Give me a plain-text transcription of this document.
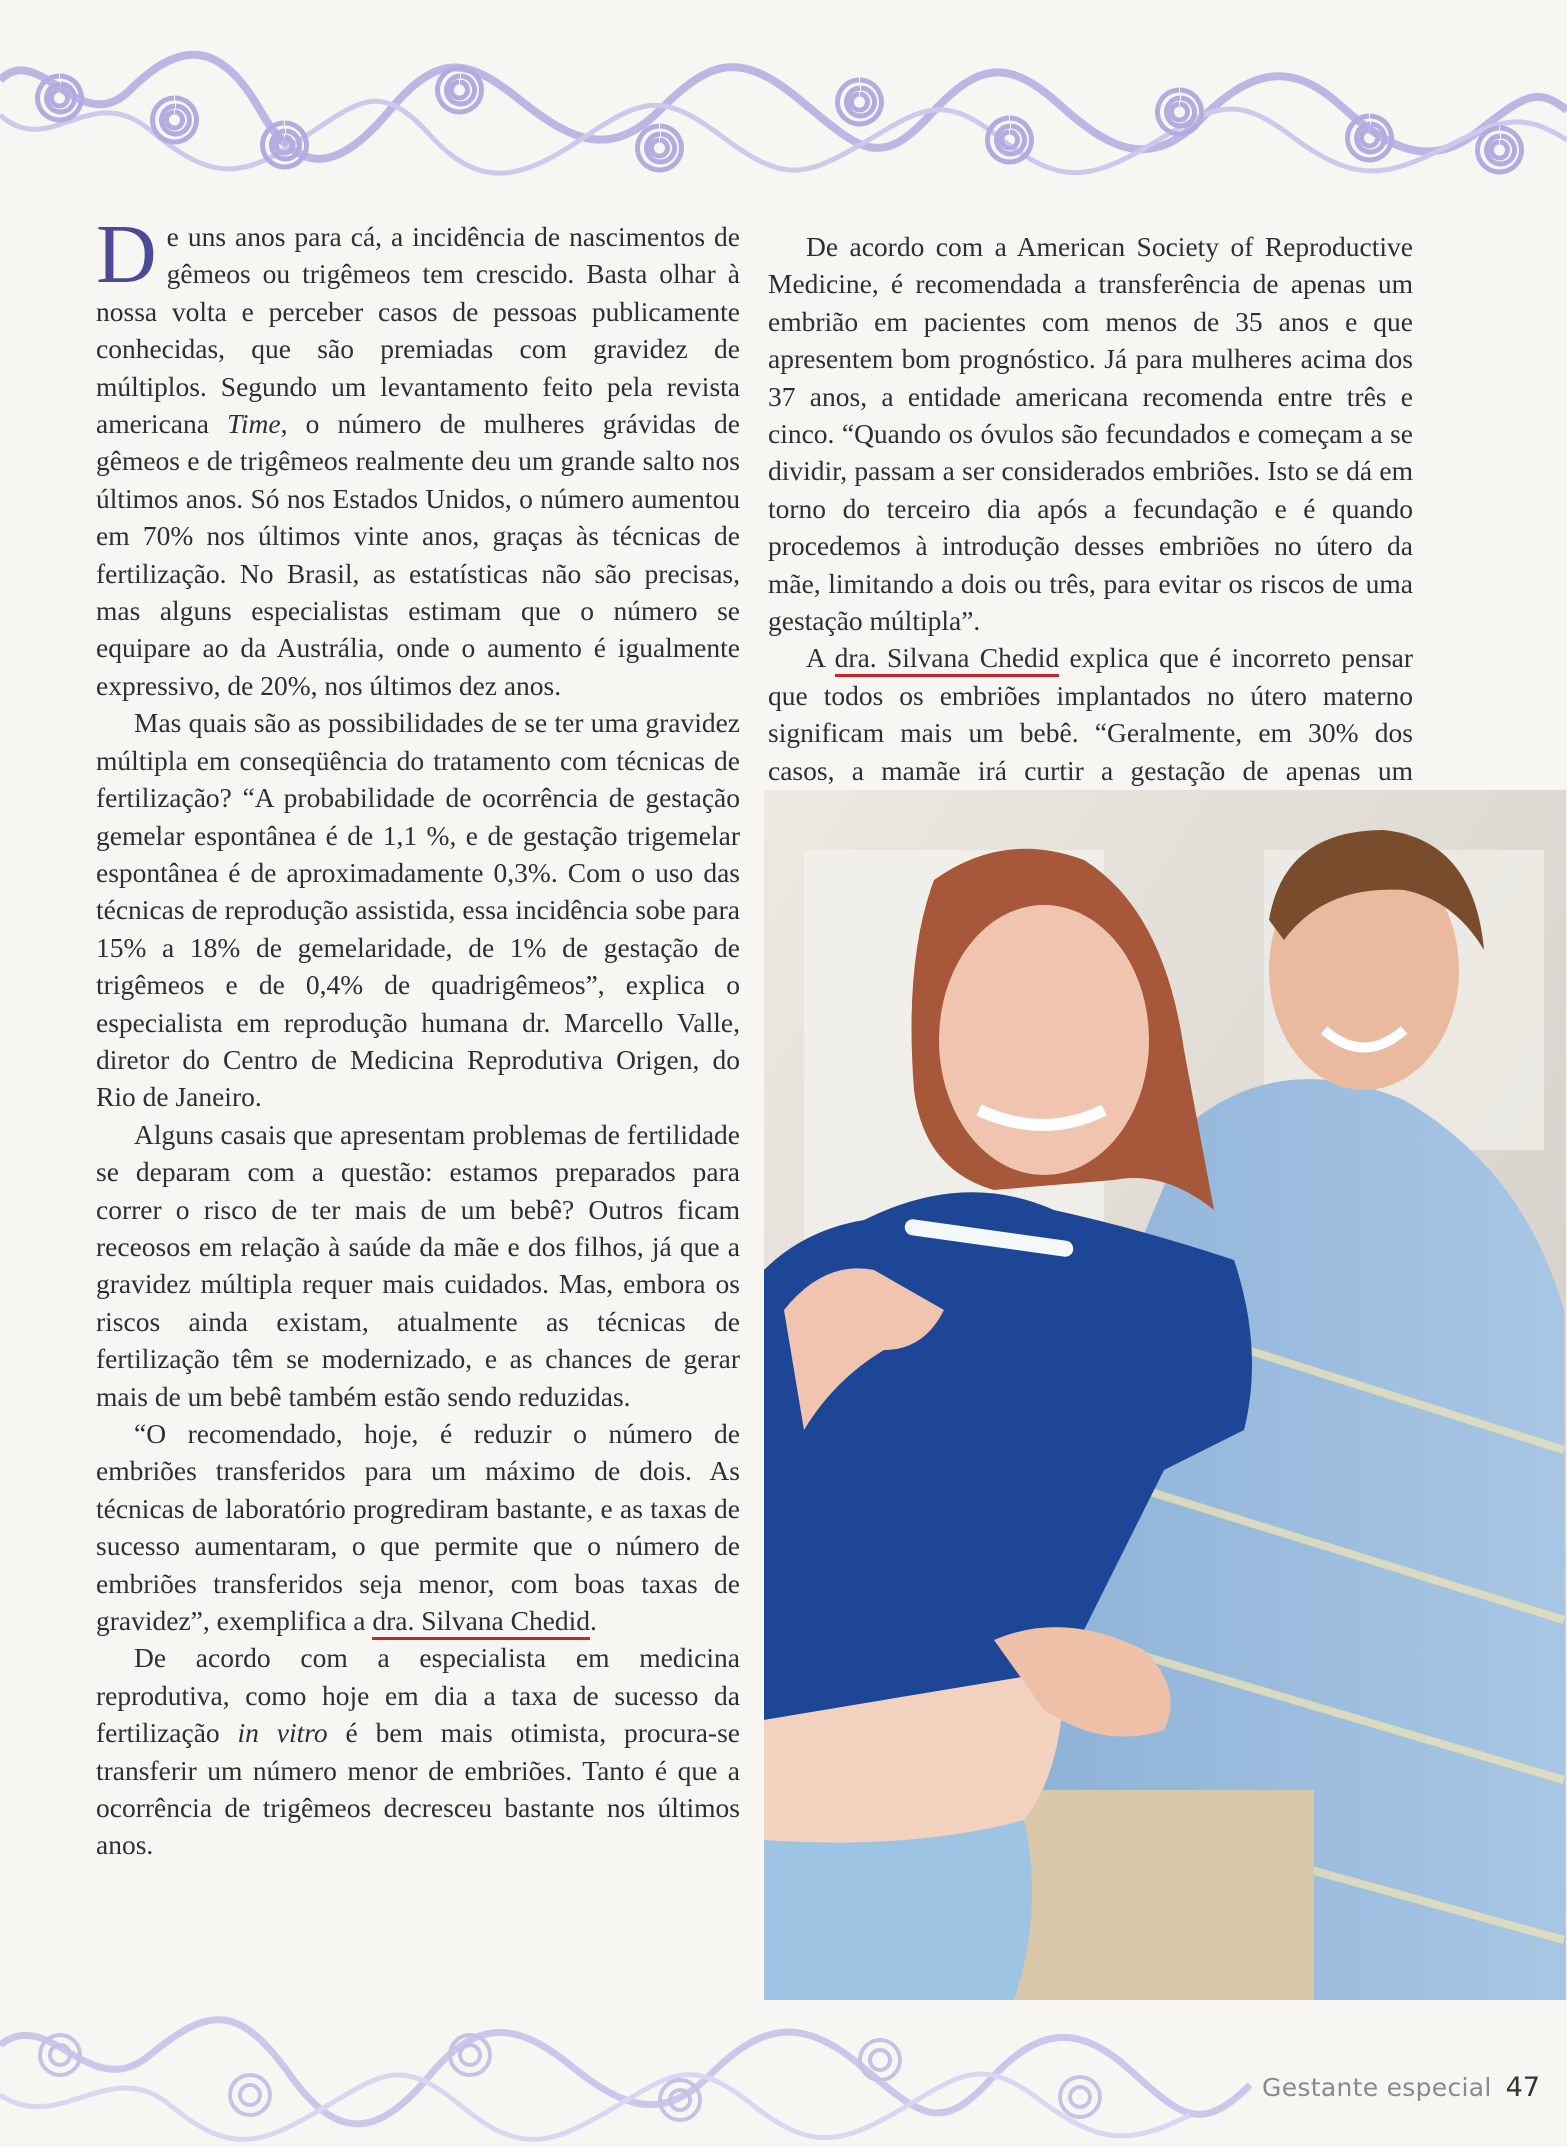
De uns anos para cá, a incidência de nascimentos de gêmeos ou trigêmeos tem crescido. Basta olhar à nossa volta e perceber casos de pessoas publicamente conhecidas, que são premiadas com gravidez de múltiplos. Segundo um levantamento feito pela revista americana Time, o número de mulheres grávidas de gêmeos e de trigêmeos realmente deu um grande salto nos últimos anos. Só nos Estados Unidos, o número aumentou em 70% nos últimos vinte anos, graças às técnicas de fertilização. No Brasil, as estatísticas não são precisas, mas alguns especialistas estimam que o número se equipare ao da Austrália, onde o aumento é igualmente expressivo, de 20%, nos últimos dez anos.

Mas quais são as possibilidades de se ter uma gravidez múltipla em conseqüência do tratamento com técnicas de fertilização? “A probabilidade de ocorrência de gestação gemelar espontânea é de 1,1 %, e de gestação trigemelar espontânea é de aproximadamente 0,3%. Com o uso das técnicas de reprodução assistida, essa incidência sobe para 15% a 18% de gemelaridade, de 1% de gestação de trigêmeos e de 0,4% de quadrigêmeos”, explica o especialista em reprodução humana dr. Marcello Valle, diretor do Centro de Medicina Reprodutiva Origen, do Rio de Janeiro.

Alguns casais que apresentam problemas de fertilidade se deparam com a questão: estamos preparados para correr o risco de ter mais de um bebê? Outros ficam receosos em relação à saúde da mãe e dos filhos, já que a gravidez múltipla requer mais cuidados. Mas, embora os riscos ainda existam, atualmente as técnicas de fertilização têm se modernizado, e as chances de gerar mais de um bebê também estão sendo reduzidas.

“O recomendado, hoje, é reduzir o número de embriões transferidos para um máximo de dois. As técnicas de laboratório progrediram bastante, e as taxas de sucesso aumentaram, o que permite que o número de embriões transferidos seja menor, com boas taxas de gravidez”, exemplifica a dra. Silvana Chedid.

De acordo com a especialista em medicina reprodutiva, como hoje em dia a taxa de sucesso da fertilização in vitro é bem mais otimista, procura-se transferir um número menor de embriões. Tanto é que a ocorrência de trigêmeos decresceu bastante nos últimos anos.

De acordo com a American Society of Reproductive Medicine, é recomendada a transferência de apenas um embrião em pacientes com menos de 35 anos e que apresentem bom prognóstico. Já para mulheres acima dos 37 anos, a entidade americana recomenda entre três e cinco. “Quando os óvulos são fecundados e começam a se dividir, passam a ser considerados embriões. Isto se dá em torno do terceiro dia após a fecundação e é quando procedemos à introdução desses embriões no útero da mãe, limitando a dois ou três, para evitar os riscos de uma gestação múltipla”.

A dra. Silvana Chedid explica que é incorreto pensar que todos os embriões implantados no útero materno significam mais um bebê. “Geralmente, em 30% dos casos, a mamãe irá curtir a gestação de apenas um

Gestante especial 47
